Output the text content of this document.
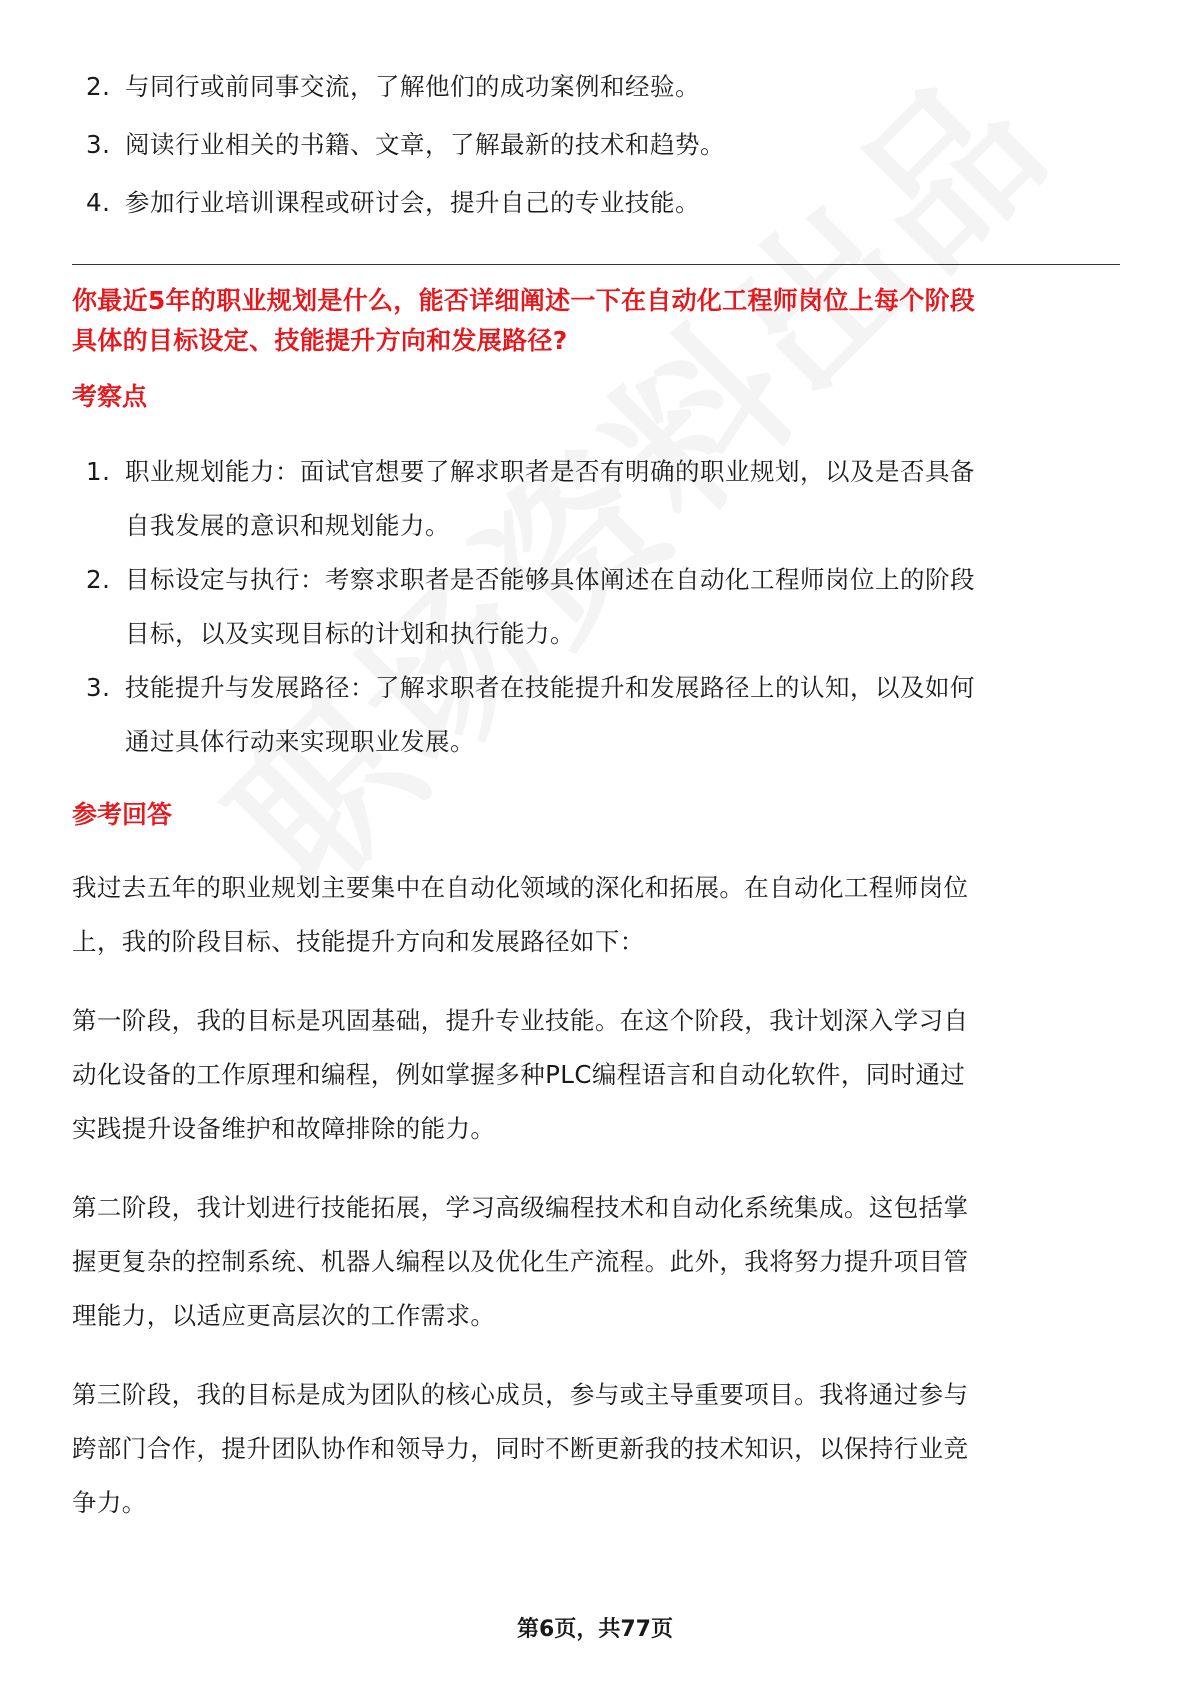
2. 与同行或前同事交流，了解他们的成功案例和经验。
3. 阅读行业相关的书籍、文章，了解最新的技术和趋势。
4. 参加行业培训课程或研讨会，提升自己的专业技能。
你最近5年的职业规划是什么，能否详细阐述一下在自动化工程师岗位上每个阶段
具体的目标设定、技能提升方向和发展路径?
考察点
1. 职业规划能力：面试官想要了解求职者是否有明确的职业规划，以及是否具备
自我发展的意识和规划能力。
2. 目标设定与执行：考察求职者是否能够具体阐述在自动化工程师岗位上的阶段
目标，以及实现目标的计划和执行能力。
3. 技能提升与发展路径：了解求职者在技能提升和发展路径上的认知，以及如何
通过具体行动来实现职业发展。
参考回答
我过去五年的职业规划主要集中在自动化领域的深化和拓展。在自动化工程师岗位
上，我的阶段目标、技能提升方向和发展路径如下：
第一阶段，我的目标是巩固基础，提升专业技能。在这个阶段，我计划深入学习自
动化设备的工作原理和编程，例如掌握多种PLC编程语言和自动化软件，同时通过
实践提升设备维护和故障排除的能力。
第二阶段，我计划进行技能拓展，学习高级编程技术和自动化系统集成。这包括掌
握更复杂的控制系统、机器人编程以及优化生产流程。此外，我将努力提升项目管
理能力，以适应更高层次的工作需求。
第三阶段，我的目标是成为团队的核心成员，参与或主导重要项目。我将通过参与
跨部门合作，提升团队协作和领导力，同时不断更新我的技术知识，以保持行业竞
争力。
第6页，共77页
